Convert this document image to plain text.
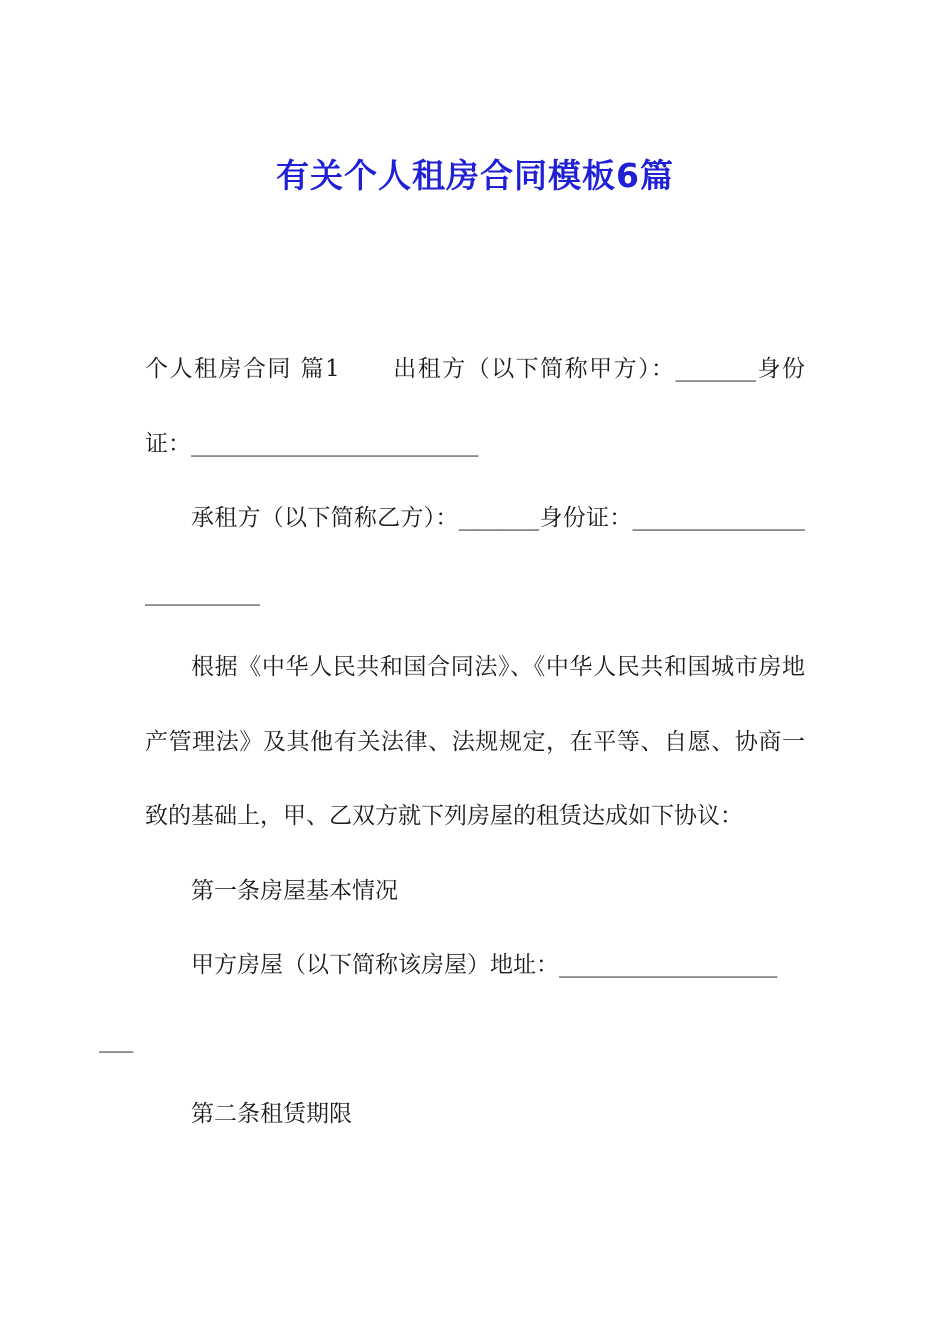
有关个人租房合同模板6篇

个人租房合同 篇1 出租方（以下简称甲方）：_______身份证：_________________________

承租方（以下简称乙方）：_______身份证：_________________________

根据《中华人民共和国合同法》、《中华人民共和国城市房地产管理法》及其他有关法律、法规规定，在平等、自愿、协商一致的基础上，甲、乙双方就下列房屋的租赁达成如下协议：

第一条房屋基本情况

甲方房屋（以下简称该房屋）地址：___________________
___

第二条租赁期限
